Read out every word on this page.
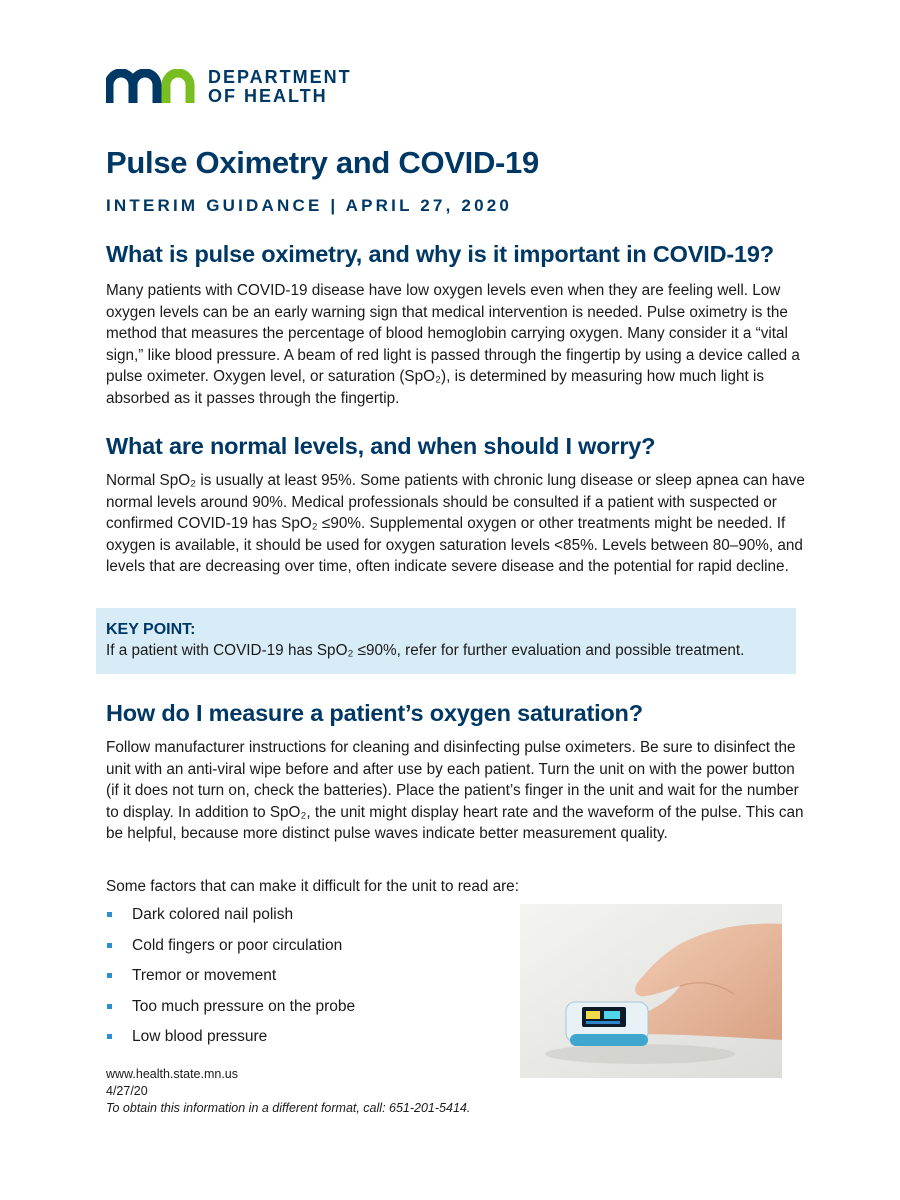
DEPARTMENT
OF HEALTH
Pulse Oximetry and COVID-19
INTERIM GUIDANCE | APRIL 27, 2020
What is pulse oximetry, and why is it important in COVID-19?

Many patients with COVID-19 disease have low oxygen levels even when they are feeling well. Low oxygen levels can be an early warning sign that medical intervention is needed. Pulse oximetry is the method that measures the percentage of blood hemoglobin carrying oxygen. Many consider it a “vital sign,” like blood pressure. A beam of red light is passed through the fingertip by using a device called a pulse oximeter. Oxygen level, or saturation (SpO₂), is determined by measuring how much light is absorbed as it passes through the fingertip.

What are normal levels, and when should I worry?

Normal SpO₂ is usually at least 95%. Some patients with chronic lung disease or sleep apnea can have normal levels around 90%. Medical professionals should be consulted if a patient with suspected or confirmed COVID-19 has SpO₂ ≤90%. Supplemental oxygen or other treatments might be needed. If oxygen is available, it should be used for oxygen saturation levels <85%. Levels between 80–90%, and levels that are decreasing over time, often indicate severe disease and the potential for rapid decline.

KEY POINT:
If a patient with COVID-19 has SpO₂ ≤90%, refer for further evaluation and possible treatment.
How do I measure a patient’s oxygen saturation?

Follow manufacturer instructions for cleaning and disinfecting pulse oximeters. Be sure to disinfect the unit with an anti-viral wipe before and after use by each patient. Turn the unit on with the power button (if it does not turn on, check the batteries). Place the patient’s finger in the unit and wait for the number to display. In addition to SpO₂, the unit might display heart rate and the waveform of the pulse. This can be helpful, because more distinct pulse waves indicate better measurement quality.

Some factors that can make it difficult for the unit to read are:

Dark colored nail polish
Cold fingers or poor circulation
Tremor or movement
Too much pressure on the probe
Low blood pressure
www.health.state.mn.us
4/27/20
To obtain this information in a different format, call: 651-201-5414.
